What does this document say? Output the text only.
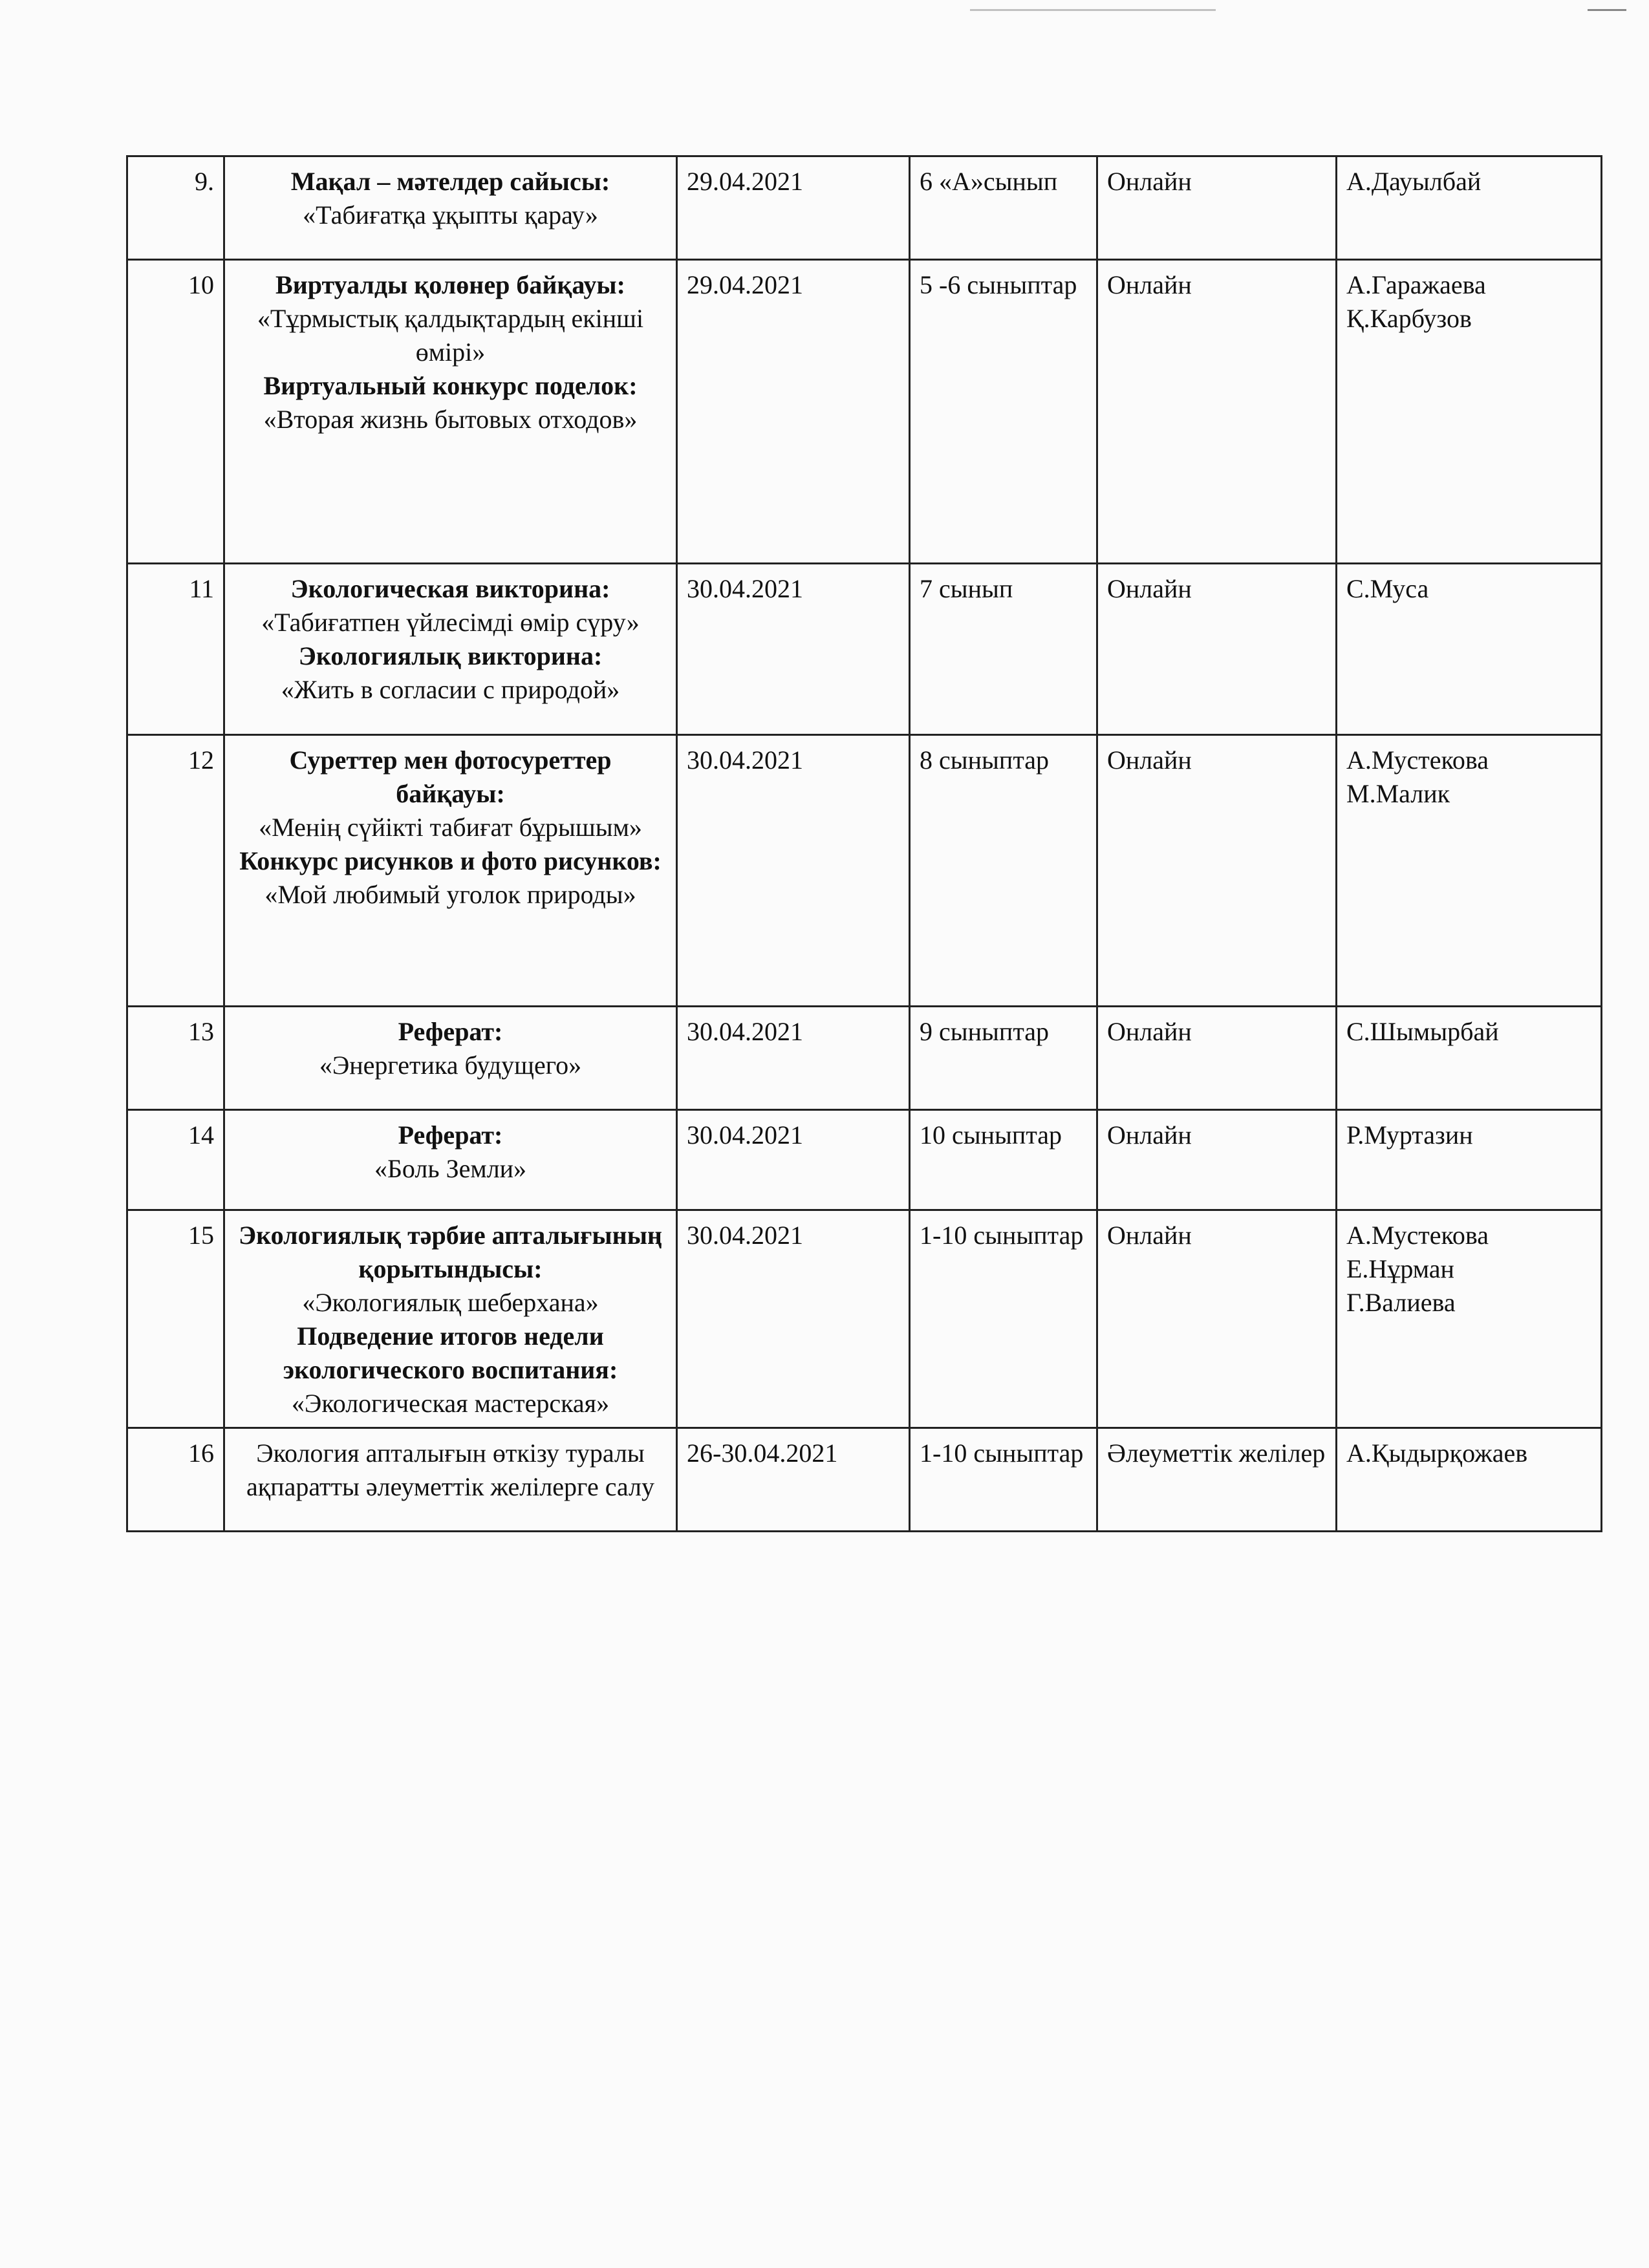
9.	Мақал – мәтелдер сайысы:
«Табиғатқа ұқыпты қарау»	29.04.2021	6 «А»сынып	Онлайн	А.Дауылбай

10	Виртуалды қолөнер байқауы:
«Тұрмыстық қалдықтардың екінші өмірі»
Виртуальный конкурс поделок:
«Вторая жизнь бытовых отходов»	29.04.2021	5 -6 сыныптар	Онлайн	А.Гаражаева
Қ.Карбузов

11	Экологическая викторина:
«Табиғатпен үйлесімді өмір сүру»
Экологиялық викторина:
«Жить в согласии с природой»	30.04.2021	7 сынып	Онлайн	С.Муса

12	Суреттер мен фотосуреттер байқауы:
«Менің сүйікті табиғат бұрышым»
Конкурс рисунков и фото рисунков:
«Мой любимый уголок природы»	30.04.2021	8 сыныптар	Онлайн	А.Мустекова
М.Малик

13	Реферат:
«Энергетика будущего»	30.04.2021	9 сыныптар	Онлайн	С.Шымырбай

14	Реферат:
«Боль Земли»	30.04.2021	10 сыныптар	Онлайн	Р.Муртазин

15	Экологиялық тәрбие апталығының қорытындысы:
«Экологиялық шеберхана»
Подведение итогов недели экологического воспитания:
«Экологическая мастерская»	30.04.2021	1-10 сыныптар	Онлайн	А.Мустекова
Е.Нұрман
Г.Валиева

16	Экология апталығын өткізу туралы ақпаратты әлеуметтік желілерге салу	26-30.04.2021	1-10 сыныптар	Әлеуметтік желілер	А.Қыдырқожаев
